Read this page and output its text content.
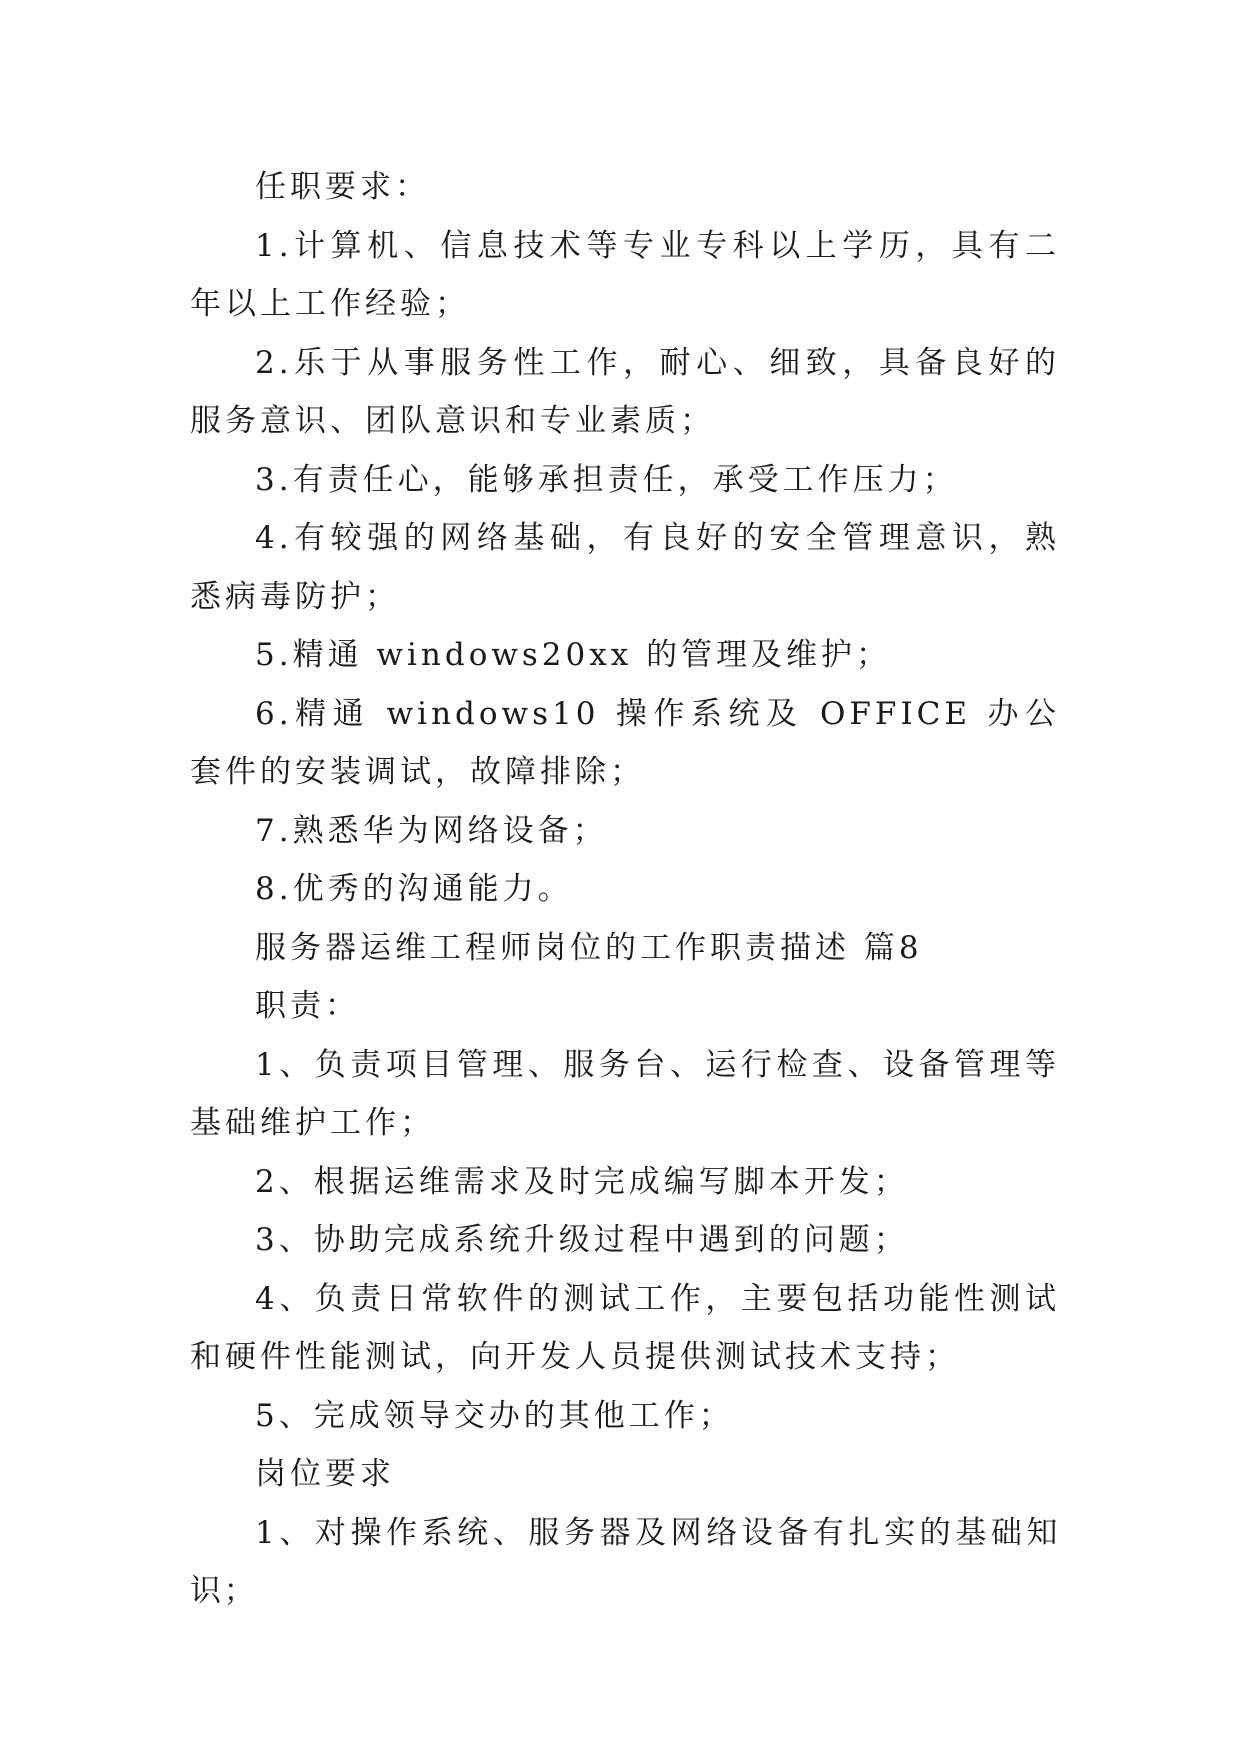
任职要求：

1.计算机、信息技术等专业专科以上学历，具有二年以上工作经验；

2.乐于从事服务性工作，耐心、细致，具备良好的服务意识、团队意识和专业素质；

3.有责任心，能够承担责任，承受工作压力；

4.有较强的网络基础，有良好的安全管理意识，熟悉病毒防护；

5.精通 windows20xx 的管理及维护；

6.精通 windows10 操作系统及 OFFICE 办公套件的安装调试，故障排除；

7.熟悉华为网络设备；

8.优秀的沟通能力。

服务器运维工程师岗位的工作职责描述 篇8

职责：

1、负责项目管理、服务台、运行检查、设备管理等基础维护工作；

2、根据运维需求及时完成编写脚本开发；

3、协助完成系统升级过程中遇到的问题；

4、负责日常软件的测试工作，主要包括功能性测试和硬件性能测试，向开发人员提供测试技术支持；

5、完成领导交办的其他工作；

岗位要求

1、对操作系统、服务器及网络设备有扎实的基础知识；
